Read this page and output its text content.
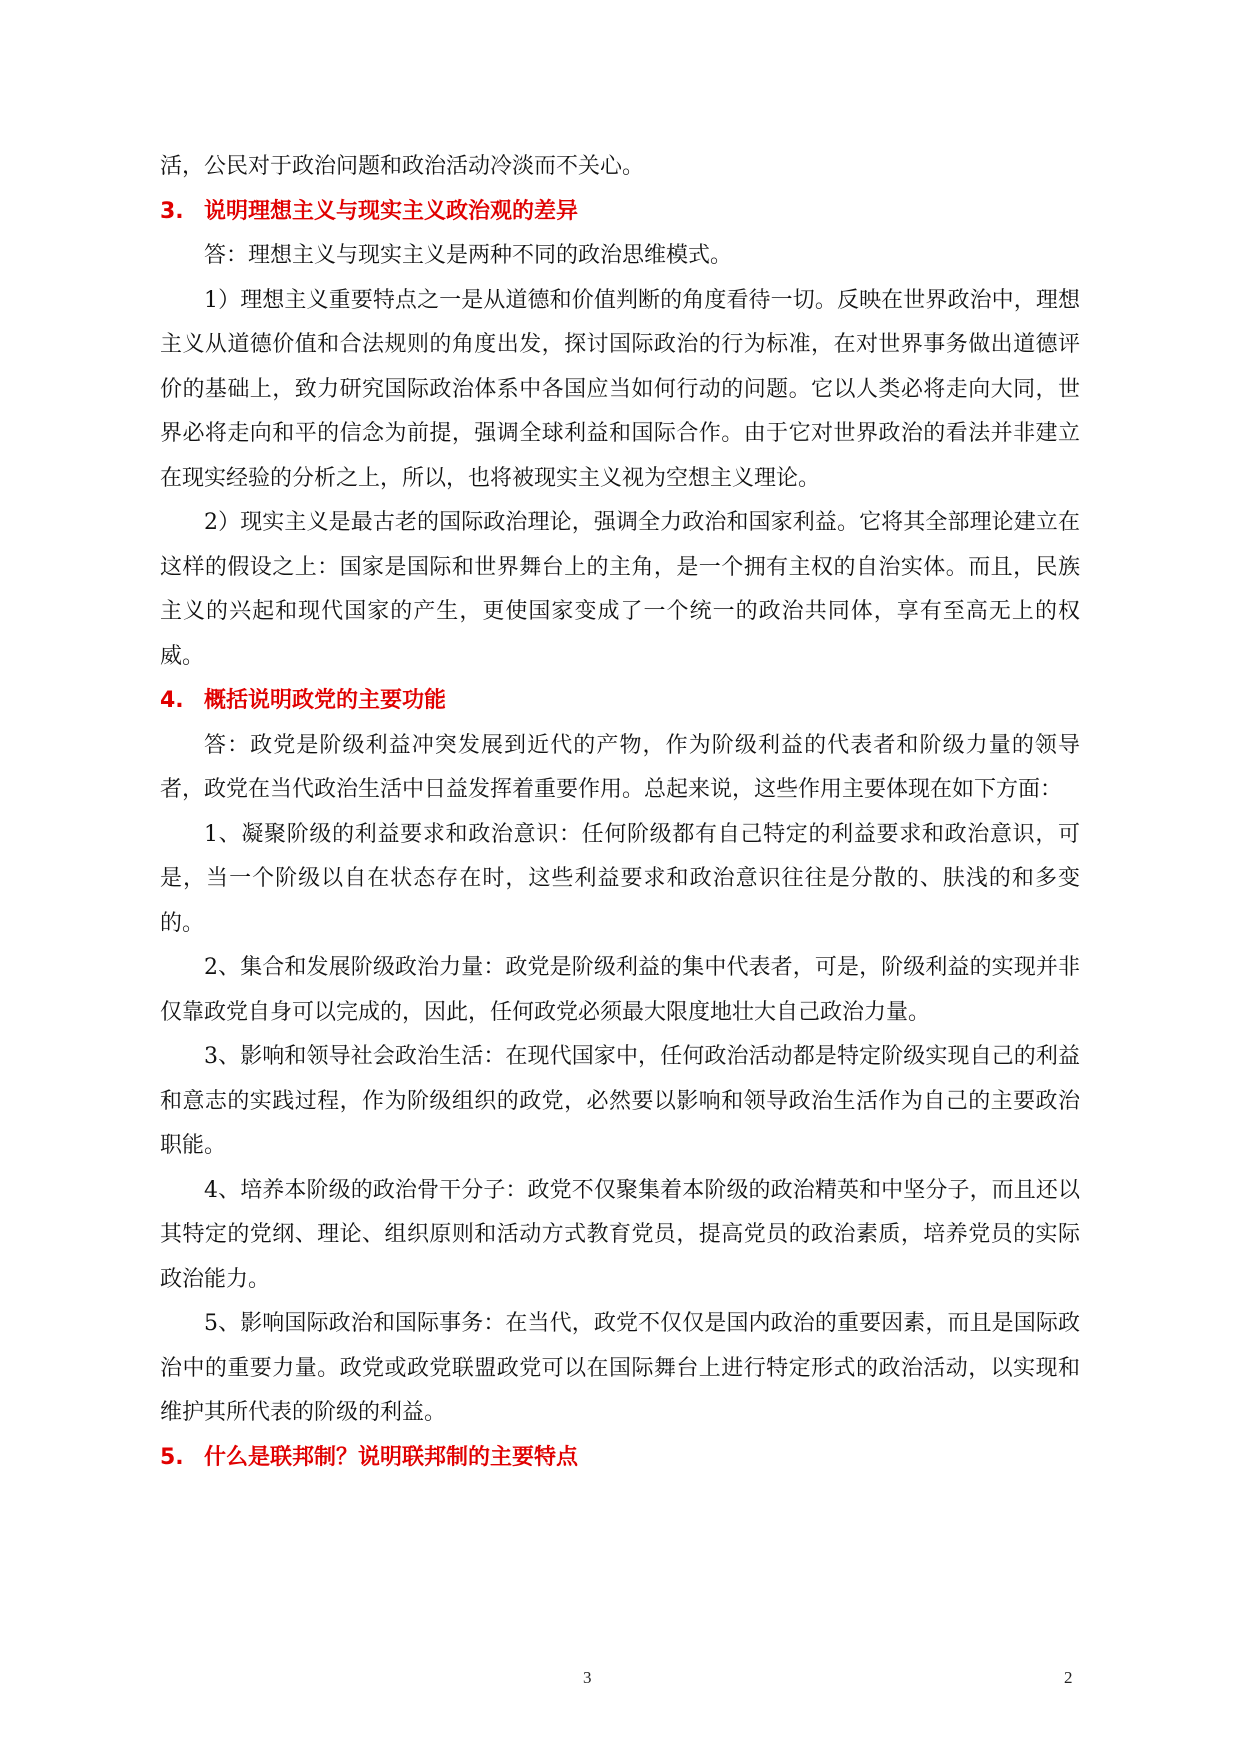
活，公民对于政治问题和政治活动冷淡而不关心。

3. 说明理想主义与现实主义政治观的差异

答：理想主义与现实主义是两种不同的政治思维模式。

1）理想主义重要特点之一是从道德和价值判断的角度看待一切。反映在世界政治中，理想主义从道德价值和合法规则的角度出发，探讨国际政治的行为标准，在对世界事务做出道德评价的基础上，致力研究国际政治体系中各国应当如何行动的问题。它以人类必将走向大同，世界必将走向和平的信念为前提，强调全球利益和国际合作。由于它对世界政治的看法并非建立在现实经验的分析之上，所以，也将被现实主义视为空想主义理论。

2）现实主义是最古老的国际政治理论，强调全力政治和国家利益。它将其全部理论建立在这样的假设之上：国家是国际和世界舞台上的主角，是一个拥有主权的自治实体。而且，民族主义的兴起和现代国家的产生，更使国家变成了一个统一的政治共同体，享有至高无上的权威。

4. 概括说明政党的主要功能

答：政党是阶级利益冲突发展到近代的产物，作为阶级利益的代表者和阶级力量的领导者，政党在当代政治生活中日益发挥着重要作用。总起来说，这些作用主要体现在如下方面：

1、凝聚阶级的利益要求和政治意识：任何阶级都有自己特定的利益要求和政治意识，可是，当一个阶级以自在状态存在时，这些利益要求和政治意识往往是分散的、肤浅的和多变的。

2、集合和发展阶级政治力量：政党是阶级利益的集中代表者，可是，阶级利益的实现并非仅靠政党自身可以完成的，因此，任何政党必须最大限度地壮大自己政治力量。

3、影响和领导社会政治生活：在现代国家中，任何政治活动都是特定阶级实现自己的利益和意志的实践过程，作为阶级组织的政党，必然要以影响和领导政治生活作为自己的主要政治职能。

4、培养本阶级的政治骨干分子：政党不仅聚集着本阶级的政治精英和中坚分子，而且还以其特定的党纲、理论、组织原则和活动方式教育党员，提高党员的政治素质，培养党员的实际政治能力。

5、影响国际政治和国际事务：在当代，政党不仅仅是国内政治的重要因素，而且是国际政治中的重要力量。政党或政党联盟政党可以在国际舞台上进行特定形式的政治活动，以实现和维护其所代表的阶级的利益。

5. 什么是联邦制？说明联邦制的主要特点

3	2
